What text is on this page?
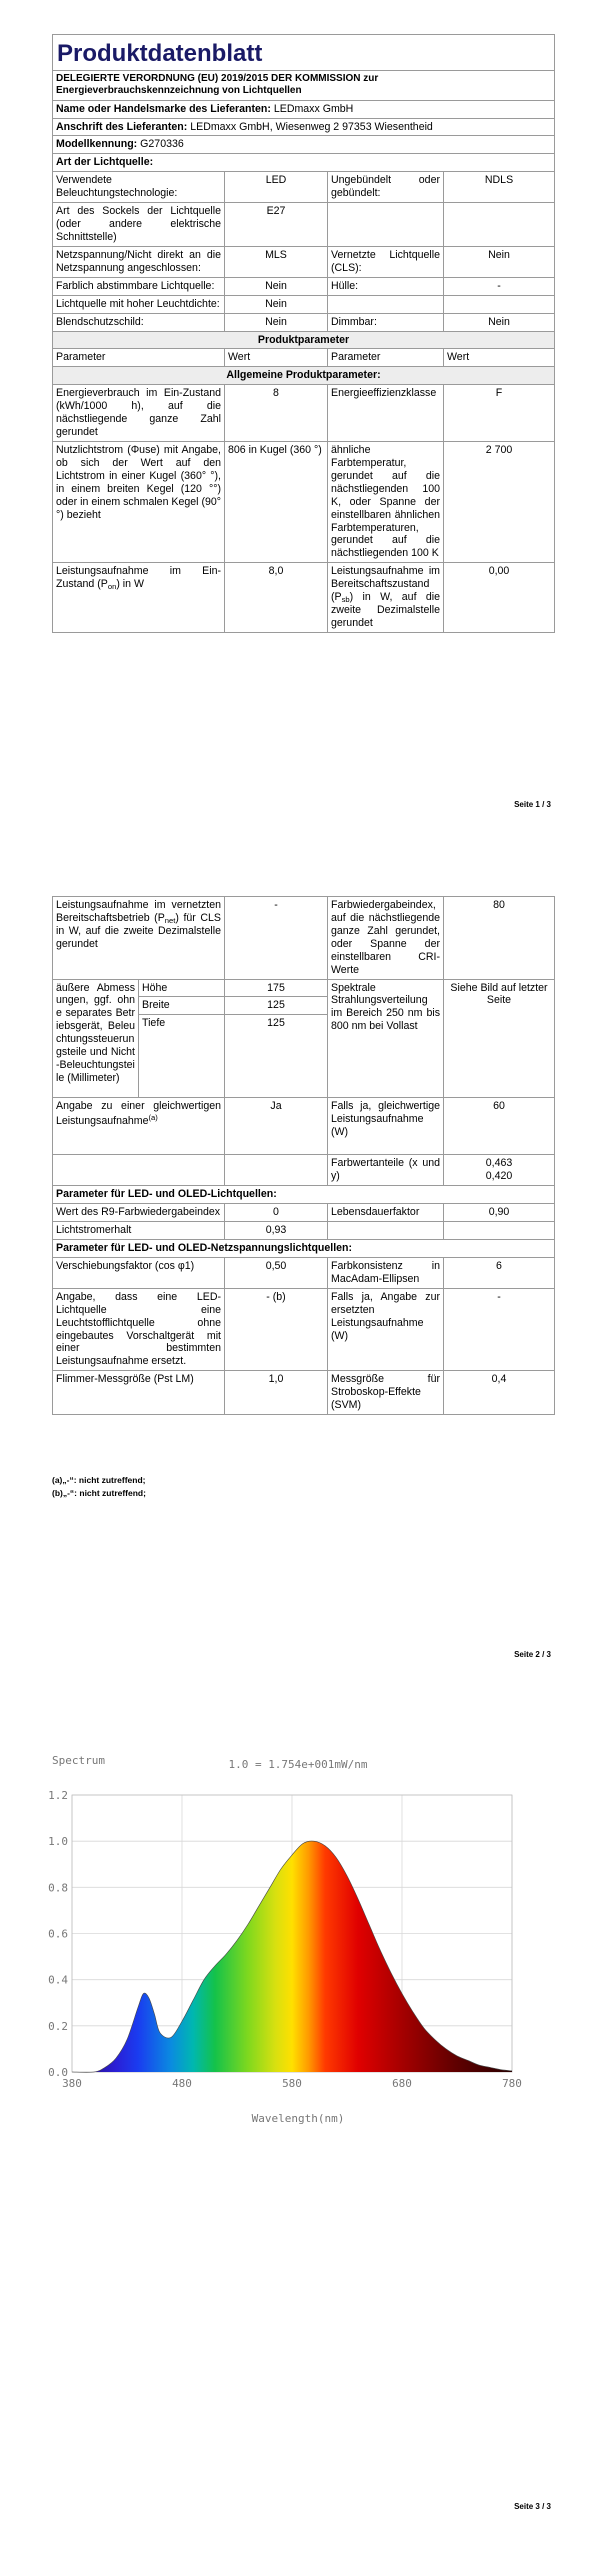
Produktdatenblatt			

DELEGIERTE VERORDNUNG (EU) 2019/2015 DER KOMMISSION zur
Energieverbrauchskennzeichnung von Lichtquellen			

Name oder Handelsmarke des Lieferanten: LEDmaxx GmbH			
Anschrift des Lieferanten: LEDmaxx GmbH, Wiesenweg 2 97353 Wiesentheid			
Modellkennung: G270336			
Art der Lichtquelle:			
Verwendete Beleuchtungstechnologie:	LED	Ungebündelt oder gebündelt:	NDLS
Art des Sockels der Lichtquelle (oder andere elektrische Schnittstelle)	E27		
Netzspannung/Nicht direkt an die Netzspannung angeschlossen:	MLS	Vernetzte Lichtquelle (CLS):	Nein
Farblich abstimmbare Lichtquelle:	Nein	Hülle:	-
Lichtquelle mit hoher Leuchtdichte:	Nein		
Blendschutzschild:	Nein	Dimmbar:	Nein
Produktparameter			
Parameter	Wert	Parameter	Wert
Allgemeine Produktparameter:			
Energieverbrauch im Ein-Zustand (kWh/1000 h), auf die nächstliegende ganze Zahl gerundet	8	Energieeffizienzklasse	F
Nutzlichtstrom (Φuse) mit Angabe, ob sich der Wert auf den Lichtstrom in einer Kugel (360° °), in einem breiten Kegel (120 °°) oder in einem schmalen Kegel (90° °) bezieht	806 in Kugel (360 °)	ähnliche Farbtemperatur, gerundet auf die nächstliegenden 100 K, oder Spanne der einstellbaren ähnlichen Farbtemperaturen, gerundet auf die nächstliegenden 100 K	2 700
Leistungsaufnahme im Ein-Zustand $(P_{on})$ in W	8,0	Leistungsaufnahme im Bereitschaftszustand $(P_{sb})$ in W, auf die zweite Dezimalstelle gerundet	0,00
Seite 1 / 3
Leistungsaufnahme im vernetzten Bereitschaftsbetrieb $(P_{net})$ für CLS in W, auf die zweite Dezimalstelle gerundet		-	Farbwiedergabeindex, auf die nächstliegende ganze Zahl gerundet, oder Spanne der einstellbaren CRI-Werte	80
äußere Abmessungen, ggf. ohne separates Betriebsgerät, Beleuchtungssteuerungsteile und Nicht-Beleuchtungsteile (Millimeter)	Höhe	175	Spektrale Strahlungsverteilung im Bereich 250 nm bis 800 nm bei Vollast	Siehe Bild auf letzter Seite
	Breite	125		
	Tiefe	125		
Angabe zu einer gleichwertigen Leistungsaufnahme$^{(a)}$		Ja	Falls ja, gleichwertige Leistungsaufnahme (W)	60
			Farbwertanteile (x und y)	0,463
0,420

Parameter für LED- und OLED-Lichtquellen:				
Wert des R9-Farbwiedergabeindex		0	Lebensdauerfaktor	0,90
Lichtstromerhalt		0,93		
Parameter für LED- und OLED-Netzspannungslichtquellen:				
Verschiebungsfaktor (cos φ1)		0,50	Farbkonsistenz in MacAdam-Ellipsen	6
Angabe, dass eine LED-Lichtquelle eine Leuchtstofflichtquelle ohne eingebautes Vorschaltgerät mit einer bestimmten Leistungsaufnahme ersetzt.		- (b)	Falls ja, Angabe zur ersetzten Leistungsaufnahme (W)	-
Flimmer-Messgröße (Pst LM)		1,0	Messgröße für Stroboskop-Effekte (SVM)	0,4
(a)„-“: nicht zutreffend;
(b)„-“: nicht zutreffend;
Seite 2 / 3
Spectrum	1.0 = 1.754e+001mW/nm
380	480	580	680	780
0.0
0.2
0.4
0.6
0.8
1.0
1.2
Wavelength(nm)
Seite 3 / 3
